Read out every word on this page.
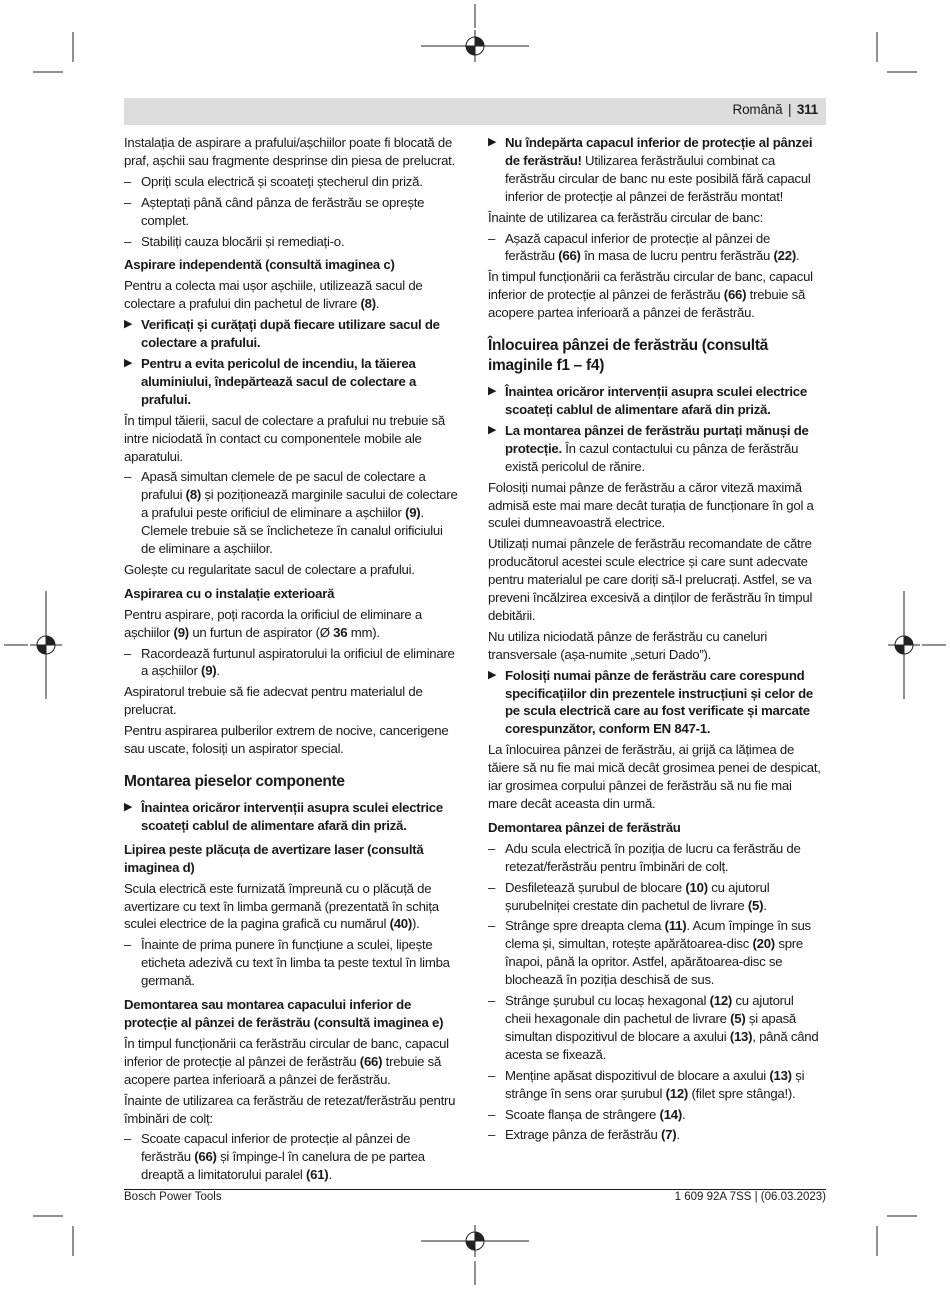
Română | 311

Instalația de aspirare a prafului/așchiilor poate fi blocată de praf, așchii sau fragmente desprinse din piesa de prelucrat.

– Opriți scula electrică și scoateți ștecherul din priză.
– Așteptați până când pânza de ferăstrău se oprește complet.
– Stabiliți cauza blocării și remediați-o.
Aspirare independentă (consultă imaginea c)

Pentru a colecta mai ușor așchiile, utilizează sacul de colectare a prafului din pachetul de livrare (8).

▶ Verificați și curățați după fiecare utilizare sacul de colectare a prafului.
▶ Pentru a evita pericolul de incendiu, la tăierea aluminiului, îndepărtează sacul de colectare a prafului.

În timpul tăierii, sacul de colectare a prafului nu trebuie să intre niciodată în contact cu componentele mobile ale aparatului.

– Apasă simultan clemele de pe sacul de colectare a prafului (8) și poziționează marginile sacului de colectare a prafului peste orificiul de eliminare a așchiilor (9). Clemele trebuie să se înclicheteze în canalul orificiului de eliminare a așchiilor.

Golește cu regularitate sacul de colectare a prafului.

Aspirarea cu o instalație exterioară

Pentru aspirare, poți racorda la orificiul de eliminare a așchiilor (9) un furtun de aspirator (Ø 36 mm).

– Racordează furtunul aspiratorului la orificiul de eliminare a așchiilor (9).

Aspiratorul trebuie să fie adecvat pentru materialul de prelucrat.

Pentru aspirarea pulberilor extrem de nocive, cancerigene sau uscate, folosiți un aspirator special.

Montarea pieselor componente
▶ Înaintea oricăror intervenții asupra sculei electrice scoateți cablul de alimentare afară din priză.
Lipirea peste plăcuța de avertizare laser (consultă imaginea d)

Scula electrică este furnizată împreună cu o plăcuță de avertizare cu text în limba germană (prezentată în schița sculei electrice de la pagina grafică cu numărul (40)).

– Înainte de prima punere în funcțiune a sculei, lipește eticheta adezivă cu text în limba ta peste textul în limba germană.
Demontarea sau montarea capacului inferior de protecție al pânzei de ferăstrău (consultă imaginea e)

În timpul funcționării ca ferăstrău circular de banc, capacul inferior de protecție al pânzei de ferăstrău (66) trebuie să acopere partea inferioară a pânzei de ferăstrău.

Înainte de utilizarea ca ferăstrău de retezat/ferăstrău pentru îmbinări de colț:

– Scoate capacul inferior de protecție al pânzei de ferăstrău (66) și împinge-l în canelura de pe partea dreaptă a limitatorului paralel (61).
▶ Nu îndepărta capacul inferior de protecție al pânzei de ferăstrău! Utilizarea ferăstrăului combinat ca ferăstrău circular de banc nu este posibilă fără capacul inferior de protecție al pânzei de ferăstrău montat!

Înainte de utilizarea ca ferăstrău circular de banc:

– Așază capacul inferior de protecție al pânzei de ferăstrău (66) în masa de lucru pentru ferăstrău (22).

În timpul funcționării ca ferăstrău circular de banc, capacul inferior de protecție al pânzei de ferăstrău (66) trebuie să acopere partea inferioară a pânzei de ferăstrău.

Înlocuirea pânzei de ferăstrău (consultă imaginile f1 – f4)
▶ Înaintea oricăror intervenții asupra sculei electrice scoateți cablul de alimentare afară din priză.
▶ La montarea pânzei de ferăstrău purtați mănuși de protecție. În cazul contactului cu pânza de ferăstrău există pericolul de rănire.

Folosiți numai pânze de ferăstrău a căror viteză maximă admisă este mai mare decât turația de funcționare în gol a sculei dumneavoastră electrice.

Utilizați numai pânzele de ferăstrău recomandate de către producătorul acestei scule electrice și care sunt adecvate pentru materialul pe care doriți să-l prelucrați. Astfel, se va preveni încălzirea excesivă a dinților de ferăstrău în timpul debitării.

Nu utiliza niciodată pânze de ferăstrău cu caneluri transversale (așa-numite „seturi Dado”).

▶ Folosiți numai pânze de ferăstrău care corespund specificațiilor din prezentele instrucțiuni și celor de pe scula electrică care au fost verificate și marcate corespunzător, conform EN 847-1.

La înlocuirea pânzei de ferăstrău, ai grijă ca lățimea de tăiere să nu fie mai mică decât grosimea penei de despicat, iar grosimea corpului pânzei de ferăstrău să nu fie mai mare decât aceasta din urmă.

Demontarea pânzei de ferăstrău
– Adu scula electrică în poziția de lucru ca ferăstrău de retezat/ferăstrău pentru îmbinări de colț.
– Desfiletează șurubul de blocare (10) cu ajutorul șurubelniței crestate din pachetul de livrare (5).
– Strânge spre dreapta clema (11). Acum împinge în sus clema și, simultan, rotește apărătoarea-disc (20) spre înapoi, până la opritor. Astfel, apărătoarea-disc se blochează în poziția deschisă de sus.
– Strânge șurubul cu locaș hexagonal (12) cu ajutorul cheii hexagonale din pachetul de livrare (5) și apasă simultan dispozitivul de blocare a axului (13), până când acesta se fixează.
– Menține apăsat dispozitivul de blocare a axului (13) și strânge în sens orar șurubul (12) (filet spre stânga!).
– Scoate flanșa de strângere (14).
– Extrage pânza de ferăstrău (7).
Bosch Power Tools	1 609 92A 7SS | (06.03.2023)
